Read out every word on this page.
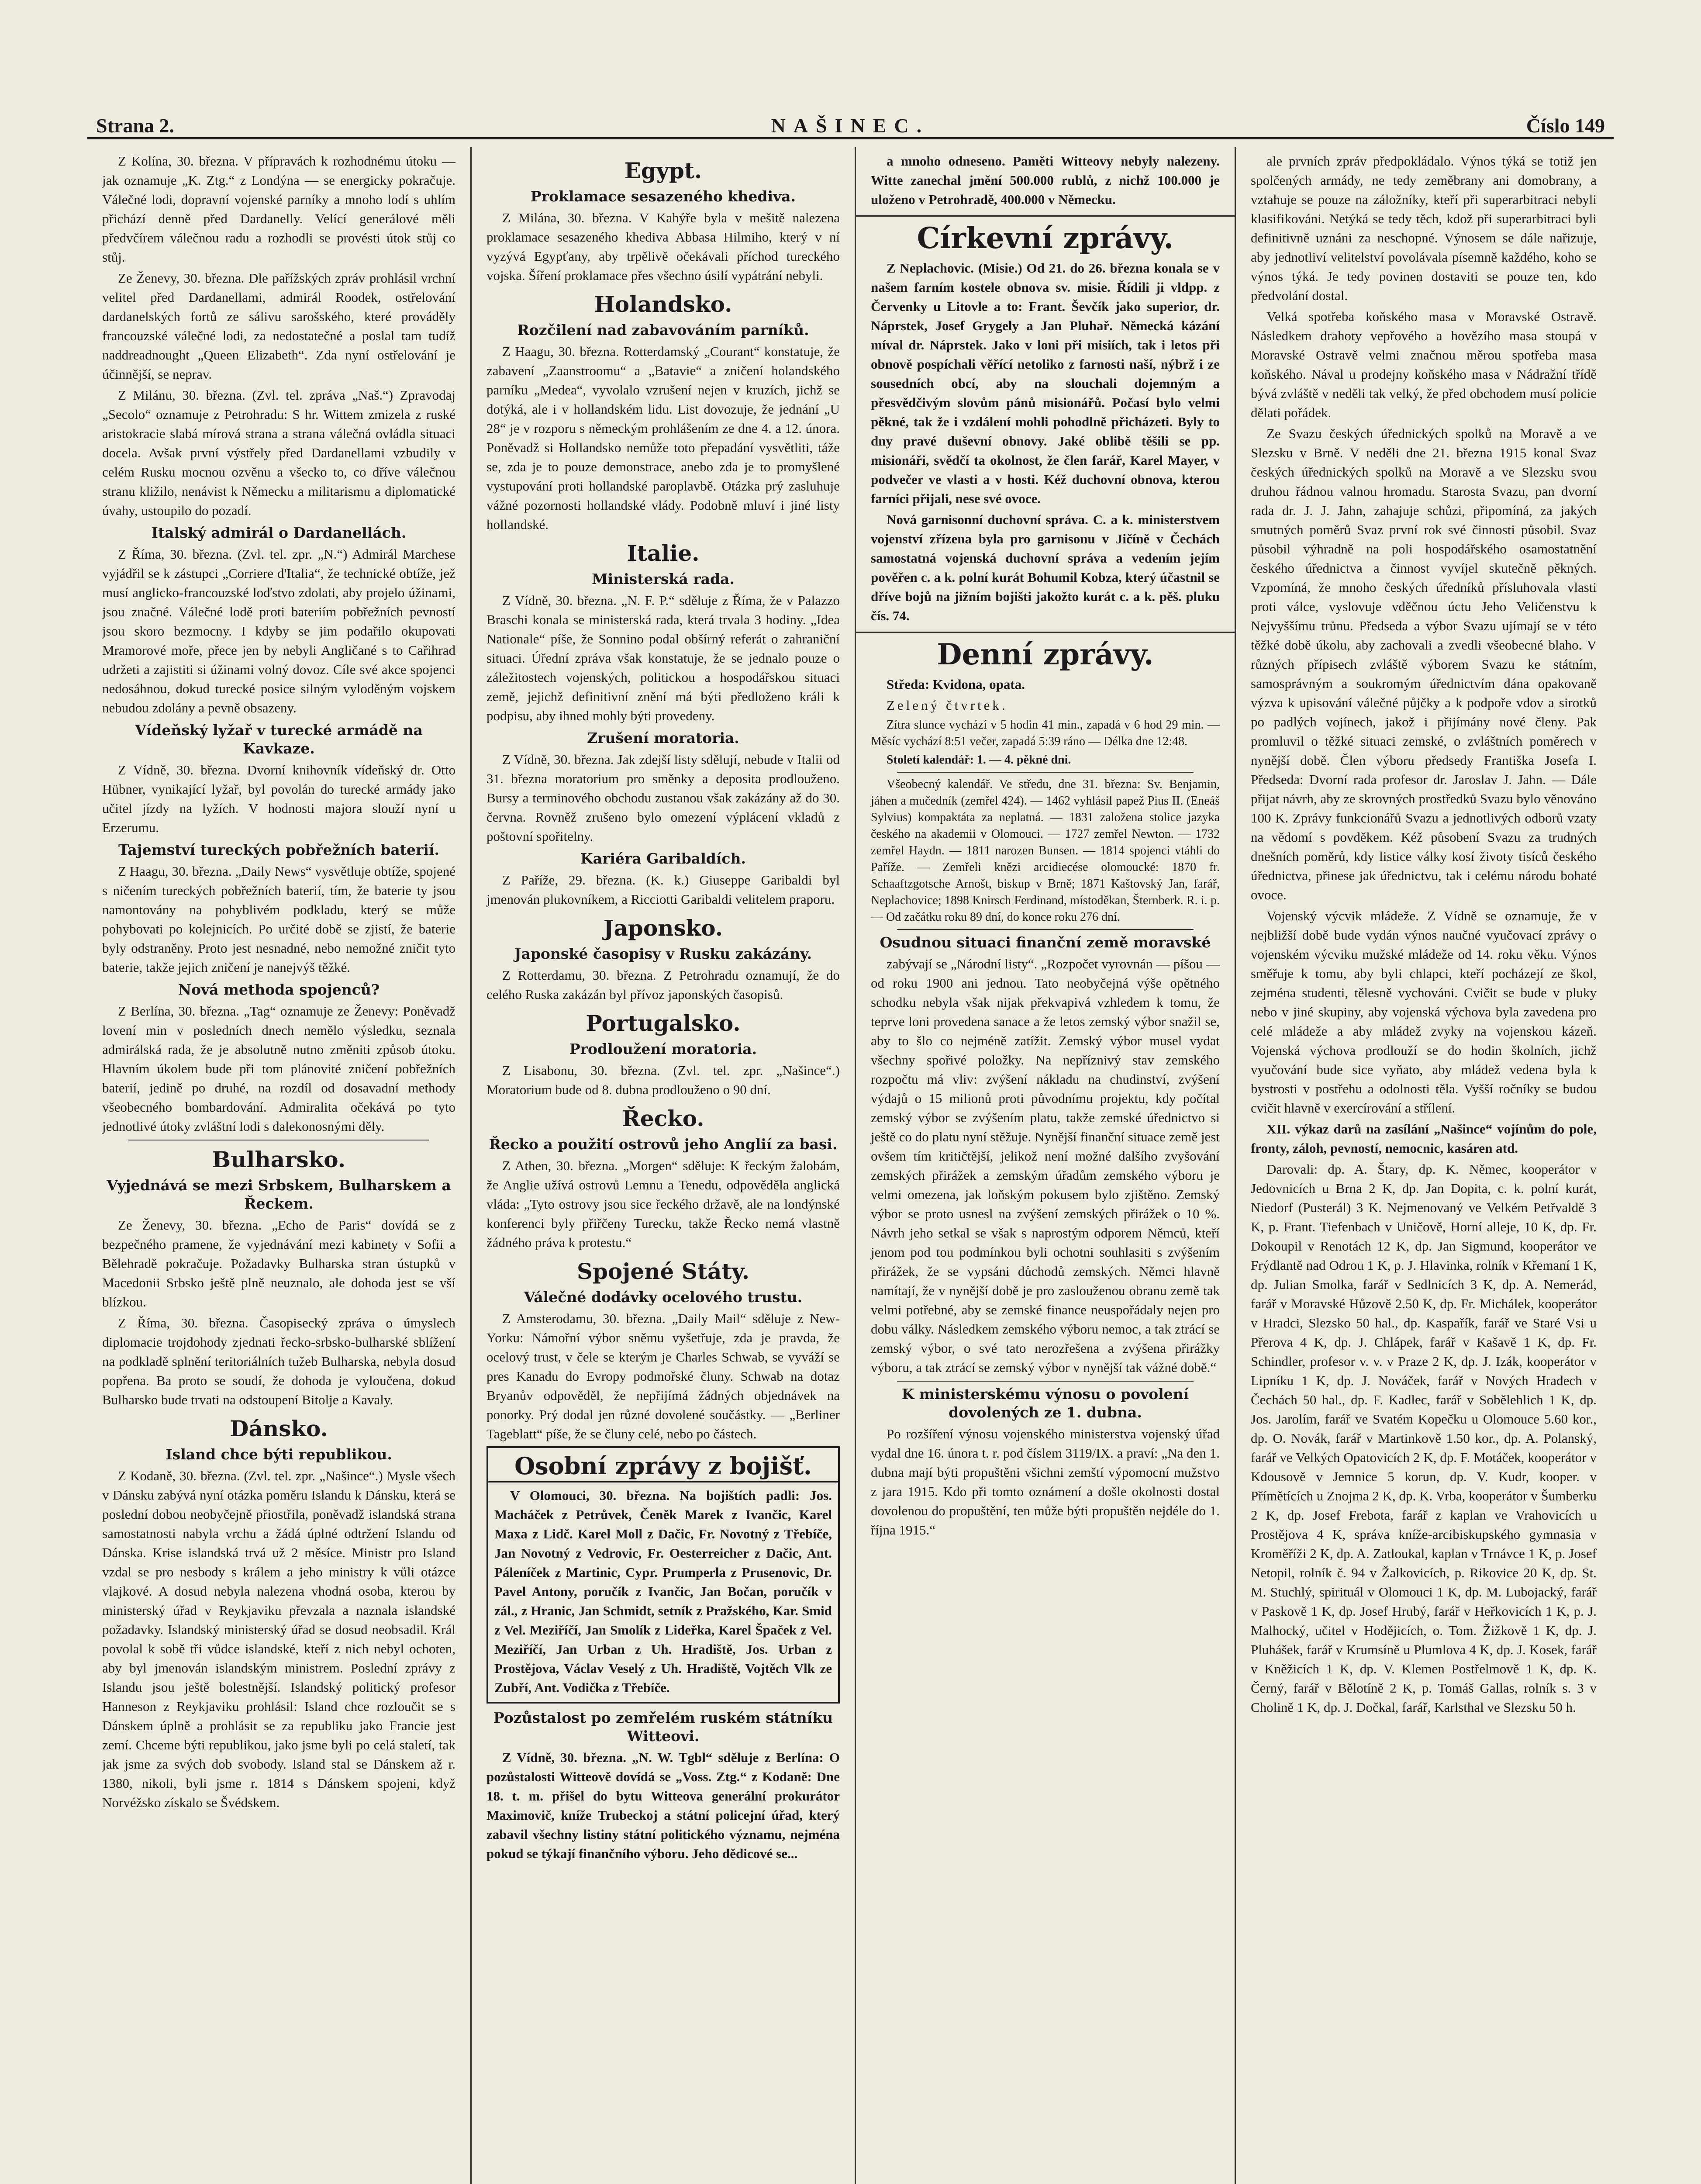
Strana 2.	NAŠINEC.	Číslo 149

Z Kolína, 30. března. V přípravách k rozhodnému útoku — jak oznamuje „K. Ztg.“ z Londýna — se energicky pokračuje. Válečné lodi, dopravní vojenské parníky a mnoho lodí s uhlím přichází denně před Dardanelly. Velící generálové měli předvčírem válečnou radu a rozhodli se provésti útok stůj co stůj.

Ze Ženevy, 30. března. Dle pařížských zpráv prohlásil vrchní velitel před Dardanellami, admirál Roodek, ostřelování dardanelských fortů ze sálivu sarošského, které prováděly francouzské válečné lodi, za nedostatečné a poslal tam tudíž naddreadnought „Queen Elizabeth“. Zda nyní ostřelování je účinnější, se neprav.

Z Milánu, 30. března. (Zvl. tel. zpráva „Naš.“) Zpravodaj „Secolo“ oznamuje z Petrohradu: S hr. Wittem zmizela z ruské aristokracie slabá mírová strana a strana válečná ovládla situaci docela. Avšak první výstřely před Dardanellami vzbudily v celém Rusku mocnou ozvěnu a všecko to, co dříve válečnou stranu kližilo, nenávist k Německu a militarismu a diplomatické úvahy, ustoupilo do pozadí.

Italský admirál o Dardanellách.

Z Říma, 30. března. (Zvl. tel. zpr. „N.“) Admirál Marchese vyjádřil se k zástupci „Corriere d'Italia“, že technické obtíže, jež musí anglicko-francouzské loďstvo zdolati, aby projelo úžinami, jsou značné. Válečné lodě proti bateriím pobřežních pevností jsou skoro bezmocny. I kdyby se jim podařilo okupovati Mramorové moře, přece jen by nebyli Angličané s to Cařihrad udržeti a zajistiti si úžinami volný dovoz. Cíle své akce spojenci nedosáhnou, dokud turecké posice silným vyloděným vojskem nebudou zdolány a pevně obsazeny.

Vídeňský lyžař v turecké armádě na Kavkaze.

Z Vídně, 30. března. Dvorní knihovník vídeňský dr. Otto Hübner, vynikající lyžař, byl povolán do turecké armády jako učitel jízdy na lyžích. V hodnosti majora slouží nyní u Erzerumu.

Tajemství tureckých pobřežních baterií.

Z Haagu, 30. března. „Daily News“ vysvětluje obtíže, spojené s ničením tureckých pobřežních baterií, tím, že baterie ty jsou namontovány na pohyblivém podkladu, který se může pohybovati po kolejnicích. Po určité době se zjistí, že baterie byly odstraněny. Proto jest nesnadné, nebo nemožné zničit tyto baterie, takže jejich zničení je nanejvýš těžké.

Nová methoda spojenců?

Z Berlína, 30. března. „Tag“ oznamuje ze Ženevy: Poněvadž lovení min v posledních dnech nemělo výsledku, seznala admirálská rada, že je absolutně nutno změniti způsob útoku. Hlavním úkolem bude při tom plánovité zničení pobřežních baterií, jedině po druhé, na rozdíl od dosavadní methody všeobecného bombardování. Admiralita očekává po tyto jednotlivé útoky zvláštní lodi s dalekonosnými děly.

Bulharsko.
Vyjednává se mezi Srbskem, Bulharskem a Řeckem.

Ze Ženevy, 30. března. „Echo de Paris“ dovídá se z bezpečného pramene, že vyjednávání mezi kabinety v Sofii a Bělehradě pokračuje. Požadavky Bulharska stran ústupků v Macedonii Srbsko ještě plně neuznalo, ale dohoda jest se vší blízkou.

Z Říma, 30. března. Časopisecký zpráva o úmyslech diplomacie trojdohody zjednati řecko-srbsko-bulharské sblížení na podkladě splnění teritoriálních tužeb Bulharska, nebyla dosud popřena. Ba proto se soudí, že dohoda je vyloučena, dokud Bulharsko bude trvati na odstoupení Bitolje a Kavaly.

Dánsko.
Island chce býti republikou.

Z Kodaně, 30. března. (Zvl. tel. zpr. „Našince“.) Mysle všech v Dánsku zabývá nyní otázka poměru Islandu k Dánsku, která se poslední dobou neobyčejně přiostřila, poněvadž islandská strana samostatnosti nabyla vrchu a žádá úplné odtržení Islandu od Dánska. Krise islandská trvá už 2 měsíce. Ministr pro Island vzdal se pro nesbody s králem a jeho ministry k vůli otázce vlajkové. A dosud nebyla nalezena vhodná osoba, kterou by ministerský úřad v Reykjaviku převzala a naznala islandské požadavky. Islandský ministerský úřad se dosud neobsadil. Král povolal k sobě tři vůdce islandské, kteří z nich nebyl ochoten, aby byl jmenován islandským ministrem. Poslední zprávy z Islandu jsou ještě bolestnější. Islandský politický profesor Hanneson z Reykjaviku prohlásil: Island chce rozloučit se s Dánskem úplně a prohlásit se za republiku jako Francie jest zemí. Chceme býti republikou, jako jsme byli po celá staletí, tak jak jsme za svých dob svobody. Island stal se Dánskem až r. 1380, nikoli, byli jsme r. 1814 s Dánskem spojeni, když Norvéžsko získalo se Švédskem.

Egypt.
Proklamace sesazeného khediva.

Z Milána, 30. března. V Kahýře byla v mešitě nalezena proklamace sesazeného khediva Abbasa Hilmiho, který v ní vyzývá Egypťany, aby trpělivě očekávali příchod tureckého vojska. Šíření proklamace přes všechno úsilí vypátrání nebyli.

Holandsko.
Rozčilení nad zabavováním parníků.

Z Haagu, 30. března. Rotterdamský „Courant“ konstatuje, že zabavení „Zaanstroomu“ a „Batavie“ a zničení holandského parníku „Medea“, vyvolalo vzrušení nejen v kruzích, jichž se dotýká, ale i v hollandském lidu. List dovozuje, že jednání „U 28“ je v rozporu s německým prohlášením ze dne 4. a 12. února. Poněvadž si Hollandsko nemůže toto přepadání vysvětliti, táže se, zda je to pouze demonstrace, anebo zda je to promyšlené vystupování proti hollandské paroplavbě. Otázka prý zasluhuje vážné pozornosti hollandské vlády. Podobně mluví i jiné listy hollandské.

Italie.
Ministerská rada.

Z Vídně, 30. března. „N. F. P.“ sděluje z Říma, že v Palazzo Braschi konala se ministerská rada, která trvala 3 hodiny. „Idea Nationale“ píše, že Sonnino podal obšírný referát o zahraniční situaci. Úřední zpráva však konstatuje, že se jednalo pouze o záležitostech vojenských, politickou a hospodářskou situaci země, jejichž definitivní znění má býti předloženo králi k podpisu, aby ihned mohly býti provedeny.

Zrušení moratoria.

Z Vídně, 30. března. Jak zdejší listy sdělují, nebude v Italii od 31. března moratorium pro směnky a deposita prodlouženo. Bursy a terminového obchodu zustanou však zakázány až do 30. června. Rovněž zrušeno bylo omezení výplácení vkladů z poštovní spořitelny.

Kariéra Garibaldích.

Z Paříže, 29. března. (K. k.) Giuseppe Garibaldi byl jmenován plukovníkem, a Ricciotti Garibaldi velitelem praporu.

Japonsko.
Japonské časopisy v Rusku zakázány.

Z Rotterdamu, 30. března. Z Petrohradu oznamují, že do celého Ruska zakázán byl přívoz japonských časopisů.

Portugalsko.
Prodloužení moratoria.

Z Lisabonu, 30. března. (Zvl. tel. zpr. „Našince“.) Moratorium bude od 8. dubna prodlouženo o 90 dní.

Řecko.
Řecko a použití ostrovů jeho Anglií za basi.

Z Athen, 30. března. „Morgen“ sděluje: K řeckým žalobám, že Anglie užívá ostrovů Lemnu a Tenedu, odpověděla anglická vláda: „Tyto ostrovy jsou sice řeckého državě, ale na londýnské konferenci byly přiřčeny Turecku, takže Řecko nemá vlastně žádného práva k protestu.“

Spojené Státy.
Válečné dodávky ocelového trustu.

Z Amsterodamu, 30. března. „Daily Mail“ sděluje z New-Yorku: Námořní výbor sněmu vyšetřuje, zda je pravda, že ocelový trust, v čele se kterým je Charles Schwab, se vyváží se pres Kanadu do Evropy podmořské čluny. Schwab na dotaz Bryanův odpověděl, že nepřijímá žádných objednávek na ponorky. Prý dodal jen různé dovolené součástky. — „Berliner Tageblatt“ píše, že se čluny celé, nebo po částech.

Osobní zprávy z bojišť.

V Olomouci, 30. března. Na bojištích padli: Jos. Macháček z Petrůvek, Čeněk Marek z Ivančic, Karel Maxa z Lidč. Karel Moll z Dačic, Fr. Novotný z Třebíče, Jan Novotný z Vedrovic, Fr. Oesterreicher z Dačic, Ant. Páleníček z Martinic, Cypr. Prumperla z Prusenovic, Dr. Pavel Antony, poručík z Ivančic, Jan Bočan, poručík v zál., z Hranic, Jan Schmidt, setník z Pražského, Kar. Smid z Vel. Meziříčí, Jan Smolík z Lideřka, Karel Špaček z Vel. Meziříčí, Jan Urban z Uh. Hradiště, Jos. Urban z Prostějova, Václav Veselý z Uh. Hradiště, Vojtěch Vlk ze Zubří, Ant. Vodička z Třebíče.

Pozůstalost po zemřelém ruském státníku Witteovi.

Z Vídně, 30. března. „N. W. Tgbl“ sděluje z Berlína: O pozůstalosti Witteově dovídá se „Voss. Ztg.“ z Kodaně: Dne 18. t. m. přišel do bytu Witteova generální prokurátor Maximovič, kníže Trubeckoj a státní policejní úřad, který zabavil všechny listiny státní politického významu, nejména pokud se týkají finančního výboru. Jeho dědicové se...

a mnoho odneseno. Paměti Witteovy nebyly nalezeny. Witte zanechal jmění 500.000 rublů, z nichž 100.000 je uloženo v Petrohradě, 400.000 v Německu.

Církevní zprávy.

Z Neplachovic. (Misie.) Od 21. do 26. března konala se v našem farním kostele obnova sv. misie. Řídili ji vldpp. z Červenky u Litovle a to: Frant. Ševčík jako superior, dr. Náprstek, Josef Grygely a Jan Pluhař. Německá kázání míval dr. Náprstek. Jako v loni při misiích, tak i letos při obnově pospíchali věřící netoliko z farnosti naší, nýbrž i ze sousedních obcí, aby na slouchali dojemným a přesvědčivým slovům pánů misionářů. Počasí bylo velmi pěkné, tak že i vzdálení mohli pohodlně přicházeti. Byly to dny pravé duševní obnovy. Jaké oblibě těšili se pp. misionáři, svědčí ta okolnost, že člen farář, Karel Mayer, v podvečer ve vlasti a v hosti. Kéž duchovní obnova, kterou farníci přijali, nese své ovoce.

Nová garnisonní duchovní správa. C. a k. ministerstvem vojenství zřízena byla pro garnisonu v Jičíně v Čechách samostatná vojenská duchovní správa a vedením jejím pověřen c. a k. polní kurát Bohumil Kobza, který účastnil se dříve bojů na jižním bojišti jakožto kurát c. a k. pěš. pluku čís. 74.

Denní zprávy.

Středa: Kvidona, opata.

Zelený čtvrtek.

Zítra slunce vychází v 5 hodin 41 min., zapadá v 6 hod 29 min. — Měsíc vychází 8:51 večer, zapadá 5:39 ráno — Délka dne 12:48.

Století kalendář: 1. — 4. pěkné dni.

Všeobecný kalendář. Ve středu, dne 31. března: Sv. Benjamin, jáhen a mučedník (zemřel 424). — 1462 vyhlásil papež Pius II. (Eneáš Sylvius) kompaktáta za neplatná. — 1831 založena stolice jazyka českého na akademii v Olomouci. — 1727 zemřel Newton. — 1732 zemřel Haydn. — 1811 narozen Bunsen. — 1814 spojenci vtáhli do Paříže. — Zemřeli knězi arcidiecése olomoucké: 1870 fr. Schaaftzgotsche Arnošt, biskup v Brně; 1871 Kaštovský Jan, farář, Neplachovice; 1898 Knirsch Ferdinand, místoděkan, Šternberk. R. i. p. — Od začátku roku 89 dní, do konce roku 276 dní.

Osudnou situaci finanční země moravské

zabývají se „Národní listy“. „Rozpočet vyrovnán — píšou — od roku 1900 ani jednou. Tato neobyčejná výše opětného schodku nebyla však nijak překvapivá vzhledem k tomu, že teprve loni provedena sanace a že letos zemský výbor snažil se, aby to šlo co nejméně zatížit. Zemský výbor musel vydat všechny spořivé položky. Na nepříznivý stav zemského rozpočtu má vliv: zvýšení nákladu na chudinství, zvýšení výdajů o 15 milionů proti původnímu projektu, kdy počítal zemský výbor se zvýšením platu, takže zemské úřednictvo si ještě co do platu nyní stěžuje. Nynější finanční situace země jest ovšem tím kritičtější, jelikož není možné dalšího zvyšování zemských přirážek a zemským úřadům zemského výboru je velmi omezena, jak loňským pokusem bylo zjištěno. Zemský výbor se proto usnesl na zvýšení zemských přirážek o 10 %. Návrh jeho setkal se však s naprostým odporem Němců, kteří jenom pod tou podmínkou byli ochotni souhlasiti s zvýšením přirážek, že se vypsáni důchodů zemských. Němci hlavně namítají, že v nynější době je pro zaslouženou obranu země tak velmi potřebné, aby se zemské finance neuspořádaly nejen pro dobu války. Následkem zemského výboru nemoc, a tak ztrácí se zemský výbor, o své tato nerozřešena a zvýšena přirážky výboru, a tak ztrácí se zemský výbor v nynější tak vážné době.“

K ministerskému výnosu o povolení dovolených ze 1. dubna.

Po rozšíření výnosu vojenského ministerstva vojenský úřad vydal dne 16. února t. r. pod číslem 3119/IX. a praví: „Na den 1. dubna mají býti propuštěni všichni zemští výpomocní mužstvo z jara 1915. Kdo při tomto oznámení a došle okolnosti dostal dovolenou do propuštění, ten může býti propuštěn nejdéle do 1. října 1915.“

ale prvních zpráv předpokládalo. Výnos týká se totiž jen spolčených armády, ne tedy zeměbrany ani domobrany, a vztahuje se pouze na záložníky, kteří při superarbitraci nebyli klasifikováni. Netýká se tedy těch, kdož při superarbitraci byli definitivně uznáni za neschopné. Výnosem se dále nařizuje, aby jednotliví velitelství povolávala písemně každého, koho se výnos týká. Je tedy povinen dostaviti se pouze ten, kdo předvolání dostal.

Velká spotřeba koňského masa v Moravské Ostravě. Následkem drahoty vepřového a hovězího masa stoupá v Moravské Ostravě velmi značnou měrou spotřeba masa koňského. Nával u prodejny koňského masa v Nádražní třídě bývá zvláště v neděli tak velký, že před obchodem musí policie dělati pořádek.

Ze Svazu českých úřednických spolků na Moravě a ve Slezsku v Brně. V neděli dne 21. března 1915 konal Svaz českých úřednických spolků na Moravě a ve Slezsku svou druhou řádnou valnou hromadu. Starosta Svazu, pan dvorní rada dr. J. J. Jahn, zahajuje schůzi, připomíná, za jakých smutných poměrů Svaz první rok své činnosti působil. Svaz působil výhradně na poli hospodářského osamostatnění českého úřednictva a činnost vyvíjel skutečně pěkných. Vzpomíná, že mnoho českých úředníků přísluhovala vlasti proti válce, vyslovuje vděčnou úctu Jeho Veličenstvu k Nejvyššímu trůnu. Předseda a výbor Svazu ujímají se v této těžké době úkolu, aby zachovali a zvedli všeobecné blaho. V různých přípisech zvláště výborem Svazu ke státním, samosprávným a soukromým úřednictvím dána opakovaně výzva k upisování válečné půjčky a k podpoře vdov a sirotků po padlých vojínech, jakož i přijímány nové členy. Pak promluvil o těžké situaci zemské, o zvláštních poměrech v nynější době. Člen výboru předsedy Františka Josefa I. Předseda: Dvorní rada profesor dr. Jaroslav J. Jahn. — Dále přijat návrh, aby ze skrovných prostředků Svazu bylo věnováno 100 K. Zprávy funkcionářů Svazu a jednotlivých odborů vzaty na vědomí s povděkem. Kéž působení Svazu za trudných dnešních poměrů, kdy listice války kosí životy tisíců českého úřednictva, přinese jak úřednictvu, tak i celému národu bohaté ovoce.

Vojenský výcvik mládeže. Z Vídně se oznamuje, že v nejbližší době bude vydán výnos naučné vyučovací zprávy o vojenském výcviku mužské mládeže od 14. roku věku. Výnos směřuje k tomu, aby byli chlapci, kteří pocházejí ze škol, zejména studenti, tělesně vychováni. Cvičit se bude v pluky nebo v jiné skupiny, aby vojenská výchova byla zavedena pro celé mládeže a aby mládež zvyky na vojenskou kázeň. Vojenská výchova prodlouží se do hodin školních, jichž vyučování bude sice vyňato, aby mládež vedena byla k bystrosti v postřehu a odolnosti těla. Vyšší ročníky se budou cvičit hlavně v exercírování a střílení.

XII. výkaz darů na zasílání „Našince“ vojínům do pole, fronty, záloh, pevností, nemocnic, kasáren atd.

Darovali: dp. A. Štary, dp. K. Němec, kooperátor v Jedovnicích u Brna 2 K, dp. Jan Dopita, c. k. polní kurát, Niedorf (Pusterál) 3 K. Nejmenovaný ve Velkém Petřvaldě 3 K, p. Frant. Tiefenbach v Uničově, Horní alleje, 10 K, dp. Fr. Dokoupil v Renotách 12 K, dp. Jan Sigmund, kooperátor ve Frýdlantě nad Odrou 1 K, p. J. Hlavinka, rolník v Křemaní 1 K, dp. Julian Smolka, farář v Sedlnicích 3 K, dp. A. Nemerád, farář v Moravské Hůzově 2.50 K, dp. Fr. Michálek, kooperátor v Hradci, Slezsko 50 hal., dp. Kaspařík, farář ve Staré Vsi u Přerova 4 K, dp. J. Chlápek, farář v Kašavě 1 K, dp. Fr. Schindler, profesor v. v. v Praze 2 K, dp. J. Izák, kooperátor v Lipníku 1 K, dp. J. Nováček, farář v Nových Hradech v Čechách 50 hal., dp. F. Kadlec, farář v Sobělehlich 1 K, dp. Jos. Jarolím, farář ve Svatém Kopečku u Olomouce 5.60 kor., dp. O. Novák, farář v Martinkově 1.50 kor., dp. A. Polanský, farář ve Velkých Opatovicích 2 K, dp. F. Motáček, kooperátor v Kdousově v Jemnice 5 korun, dp. V. Kudr, kooper. v Přímětících u Znojma 2 K, dp. K. Vrba, kooperátor v Šumberku 2 K, dp. Josef Frebota, farář z kaplan ve Vrahovicích u Prostějova 4 K, správa kníže-arcibiskupského gymnasia v Kroměříži 2 K, dp. A. Zatloukal, kaplan v Trnávce 1 K, p. Josef Netopil, rolník č. 94 v Žalkovicích, p. Rikovice 20 K, dp. St. M. Stuchlý, spirituál v Olomouci 1 K, dp. M. Lubojacký, farář v Paskově 1 K, dp. Josef Hrubý, farář v Heřkovicích 1 K, p. J. Malhocký, učitel v Hodějicích, o. Tom. Žižkově 1 K, dp. J. Pluhášek, farář v Krumsíně u Plumlova 4 K, dp. J. Kosek, farář v Kněžicích 1 K, dp. V. Klemen Postřelmově 1 K, dp. K. Černý, farář v Bělotíně 2 K, p. Tomáš Gallas, rolník s. 3 v Cholině 1 K, dp. J. Dočkal, farář, Karlsthal ve Slezsku 50 h.
